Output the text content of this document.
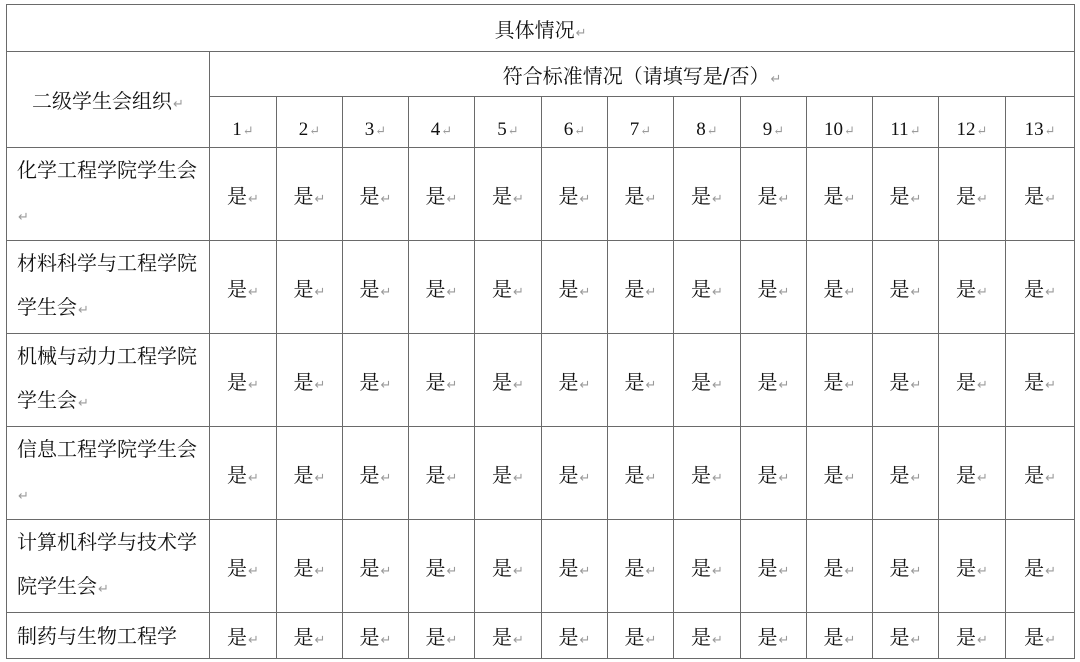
具体情况↵													
二级学生会组织↵	符合标准情况（请填写是/否）↵												
	1↵	2↵	3↵	4↵	5↵	6↵	7↵	8↵	9↵	10↵	11↵	12↵	13↵
化学工程学院学生会↵	是↵	是↵	是↵	是↵	是↵	是↵	是↵	是↵	是↵	是↵	是↵	是↵	是↵
材料科学与工程学院学生会↵	是↵	是↵	是↵	是↵	是↵	是↵	是↵	是↵	是↵	是↵	是↵	是↵	是↵
机械与动力工程学院学生会↵	是↵	是↵	是↵	是↵	是↵	是↵	是↵	是↵	是↵	是↵	是↵	是↵	是↵
信息工程学院学生会↵	是↵	是↵	是↵	是↵	是↵	是↵	是↵	是↵	是↵	是↵	是↵	是↵	是↵
计算机科学与技术学院学生会↵	是↵	是↵	是↵	是↵	是↵	是↵	是↵	是↵	是↵	是↵	是↵	是↵	是↵
制药与生物工程学	是↵	是↵	是↵	是↵	是↵	是↵	是↵	是↵	是↵	是↵	是↵	是↵	是↵
